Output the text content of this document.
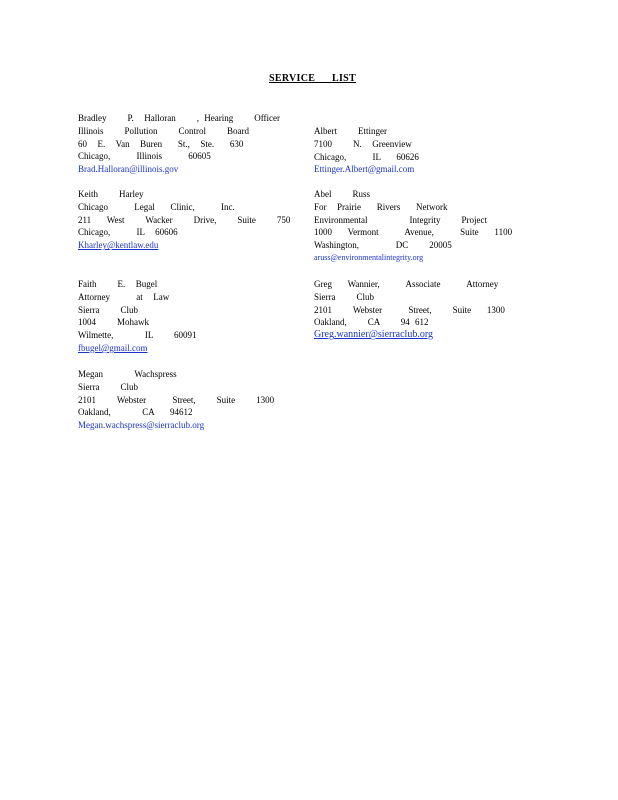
SERVICE      LIST
Bradley    P.  Halloran    , Hearing    Officer
Illinois    Pollution    Control    Board
60  E.  Van  Buren   St.,  Ste.   630
Chicago,     Illinois     60605
Brad.Halloran@illinois.gov
Albert    Ettinger
7100    N.  Greenview
Chicago,     IL   60626
Ettinger.Albert@gmail.com
Keith    Harley
Chicago     Legal   Clinic,     Inc.
211   West    Wacker    Drive,    Suite    750
Chicago,     IL  60606
Kharley@kentlaw.edu
Abel    Russ
For  Prairie   Rivers   Network
Environmental        Integrity    Project
1000   Vermont     Avenue,     Suite   1100
Washington,       DC    20005
aruss@environmentalintegrity.org
Faith    E.  Bugel
Attorney     at  Law
Sierra    Club
1004    Mohawk
Wilmette,      IL    60091
fbugel@gmail.com
Greg   Wannier,     Associate     Attorney
Sierra    Club
2101    Webster     Street,    Suite   1300
Oakland,    CA    94 612
Greg.wannier@sierraclub.org
Megan      Wachspress
Sierra    Club
2101    Webster     Street,    Suite    1300
Oakland,      CA   94612
Megan.wachspress@sierraclub.org
